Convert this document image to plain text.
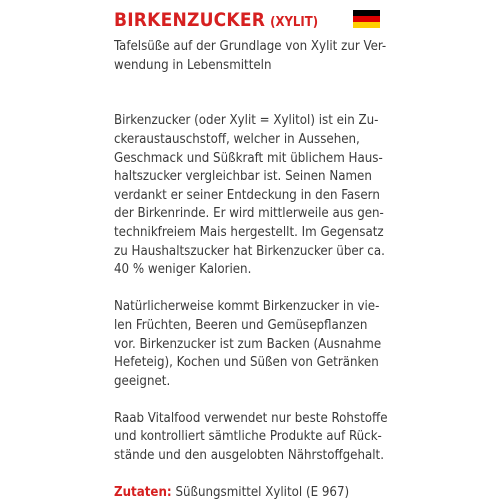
BIRKENZUCKER (XYLIT)
Tafelsüße auf der Grundlage von Xylit zur Ver-
wendung in Lebensmitteln
Birkenzucker (oder Xylit = Xylitol) ist ein Zu-
ckeraustauschstoff, welcher in Aussehen,
Geschmack und Süßkraft mit üblichem Haus-
haltszucker vergleichbar ist. Seinen Namen
verdankt er seiner Entdeckung in den Fasern
der Birkenrinde. Er wird mittlerweile aus gen-
technikfreiem Mais hergestellt. Im Gegensatz
zu Haushaltszucker hat Birkenzucker über ca.
40 % weniger Kalorien.
Natürlicherweise kommt Birkenzucker in vie-
len Früchten, Beeren und Gemüsepflanzen
vor. Birkenzucker ist zum Backen (Ausnahme
Hefeteig), Kochen und Süßen von Getränken
geeignet.
Raab Vitalfood verwendet nur beste Rohstoffe
und kontrolliert sämtliche Produkte auf Rück-
stände und den ausgelobten Nährstoffgehalt.
Zutaten: Süßungsmittel Xylitol (E 967)
